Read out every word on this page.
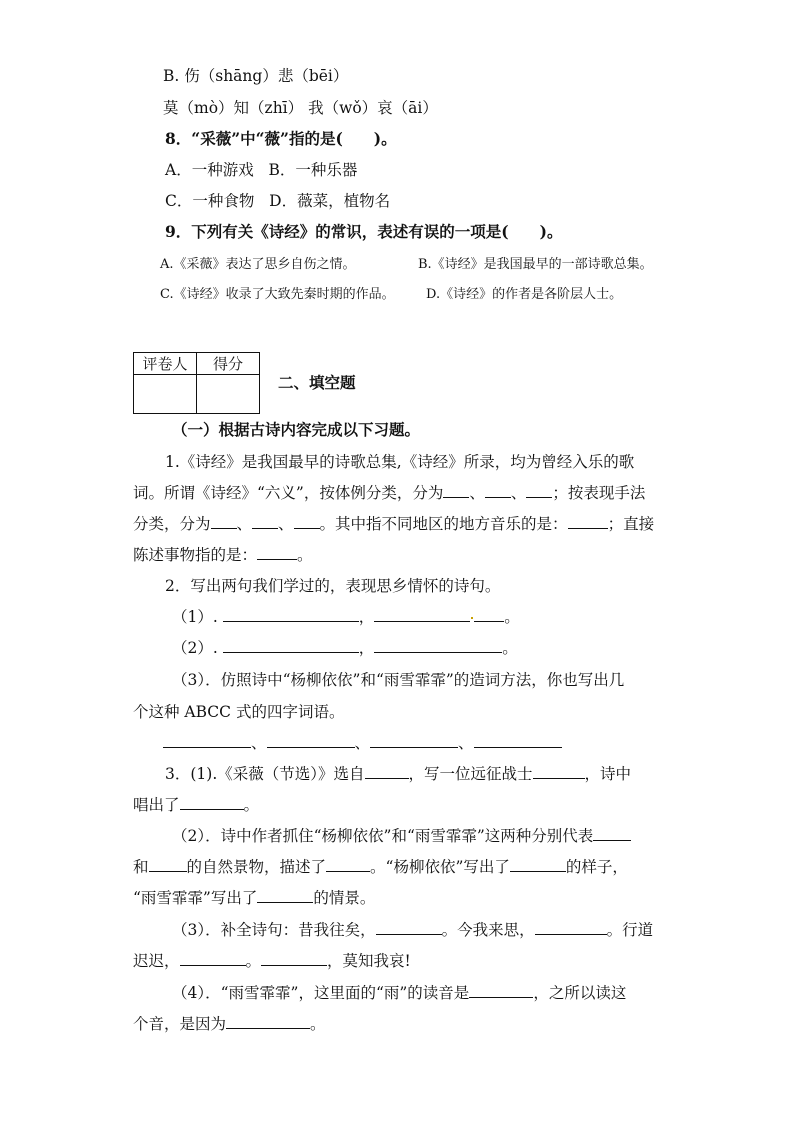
B. 伤（shāng）悲（bēi）
莫（mò）知（zhī） 我（wǒ）哀（āi）
8．“采薇”中“薇”指的是(　　)。
A．一种游戏 B．一种乐器
C．一种食物 D．薇菜，植物名
9．下列有关《诗经》的常识，表述有误的一项是(　　)。
A.《采薇》表达了思乡自伤之情。	B.《诗经》是我国最早的一部诗歌总集。
C.《诗经》收录了大致先秦时期的作品。 D.《诗经》的作者是各阶层人士。
评卷人	得分

二、填空题
（一）根据古诗内容完成以下习题。
1.《诗经》是我国最早的诗歌总集,《诗经》所录，均为曾经入乐的歌
词。所谓《诗经》“六义”，按体例分类，分为 、 、 ；按表现手法
分类，分为 、 、 。其中指不同地区的地方音乐的是：	；直接
陈述事物指的是：	。
2．写出两句我们学过的，表现思乡情怀的诗句。
（1）.	，	。
（2）.	，	。
（3）．仿照诗中“杨柳依依”和“雨雪霏霏”的造词方法，你也写出几
个这种 ABCC 式的四字词语。
、	、	、
3．(1).《采薇（节选）》选自	，写一位远征战士	，诗中
唱出了	。
（2）．诗中作者抓住“杨柳依依”和“雨雪霏霏”这两种分别代表
和 的自然景物，描述了	。“杨柳依依”写出了	的样子，
“雨雪霏霏”写出了	的情景。
（3）．补全诗句：昔我往矣，	。今我来思，	。行道
迟迟，	。	，莫知我哀!
（4）．“雨雪霏霏”，这里面的“雨”的读音是	，之所以读这
个音，是因为	。
